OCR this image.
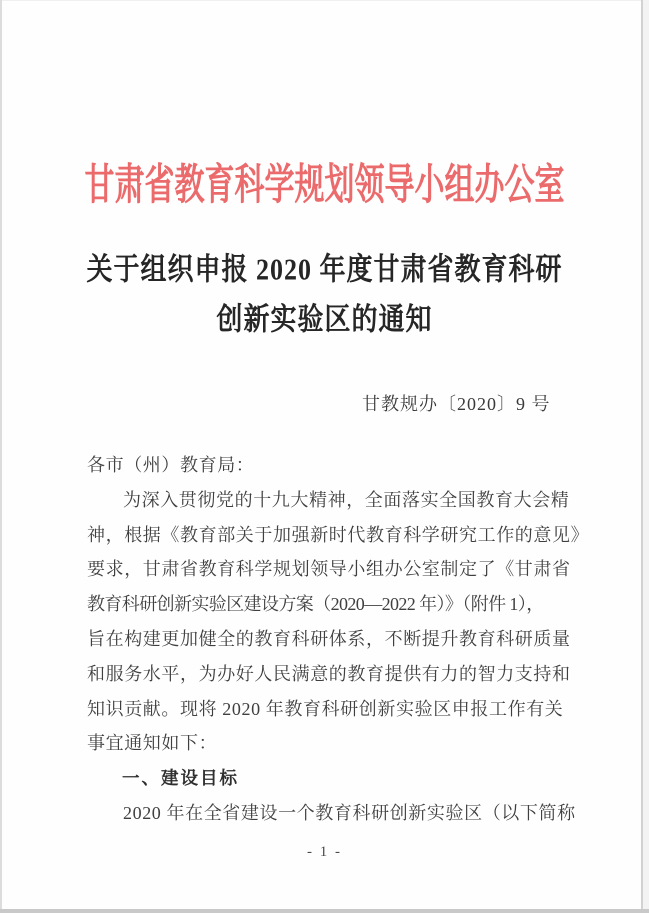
甘肃省教育科学规划领导小组办公室
关于组织申报 2020 年度甘肃省教育科研
创新实验区的通知
甘教规办〔2020〕9 号
各市（州）教育局：
为深入贯彻党的十九大精神，全面落实全国教育大会精
神，根据《教育部关于加强新时代教育科学研究工作的意见》
要求，甘肃省教育科学规划领导小组办公室制定了《甘肃省
教育科研创新实验区建设方案（2020—2022 年）》（附件 1），
旨在构建更加健全的教育科研体系，不断提升教育科研质量
和服务水平，为办好人民满意的教育提供有力的智力支持和
知识贡献。现将 2020 年教育科研创新实验区申报工作有关
事宜通知如下：
一、建设目标
2020 年在全省建设一个教育科研创新实验区（以下简称
- 1 -
